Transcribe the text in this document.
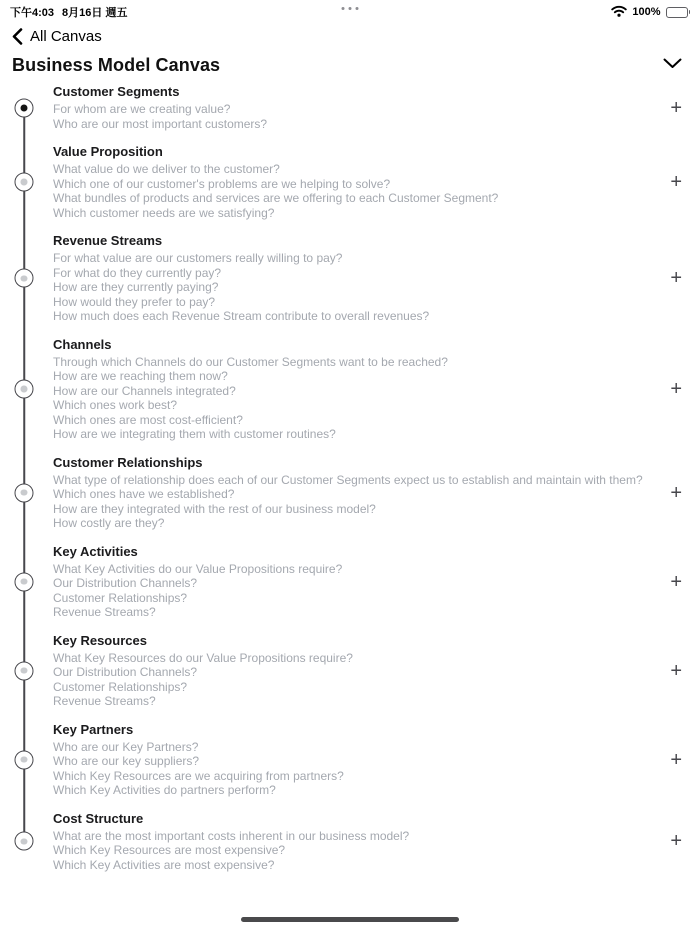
下午4:03 8月16日 週五	100%
All Canvas
Business Model Canvas
Customer Segments
For whom are we creating value?
Who are our most important customers?
+
Value Proposition
What value do we deliver to the customer?
Which one of our customer's problems are we helping to solve?
What bundles of products and services are we offering to each Customer Segment?
Which customer needs are we satisfying?
+
Revenue Streams
For what value are our customers really willing to pay?
For what do they currently pay?
How are they currently paying?
How would they prefer to pay?
How much does each Revenue Stream contribute to overall revenues?
+
Channels
Through which Channels do our Customer Segments want to be reached?
How are we reaching them now?
How are our Channels integrated?
Which ones work best?
Which ones are most cost-efficient?
How are we integrating them with customer routines?
+
Customer Relationships
What type of relationship does each of our Customer Segments expect us to establish and maintain with them?
Which ones have we established?
How are they integrated with the rest of our business model?
How costly are they?
+
Key Activities
What Key Activities do our Value Propositions require?
Our Distribution Channels?
Customer Relationships?
Revenue Streams?
+
Key Resources
What Key Resources do our Value Propositions require?
Our Distribution Channels?
Customer Relationships?
Revenue Streams?
+
Key Partners
Who are our Key Partners?
Who are our key suppliers?
Which Key Resources are we acquiring from partners?
Which Key Activities do partners perform?
+
Cost Structure
What are the most important costs inherent in our business model?
Which Key Resources are most expensive?
Which Key Activities are most expensive?
+
